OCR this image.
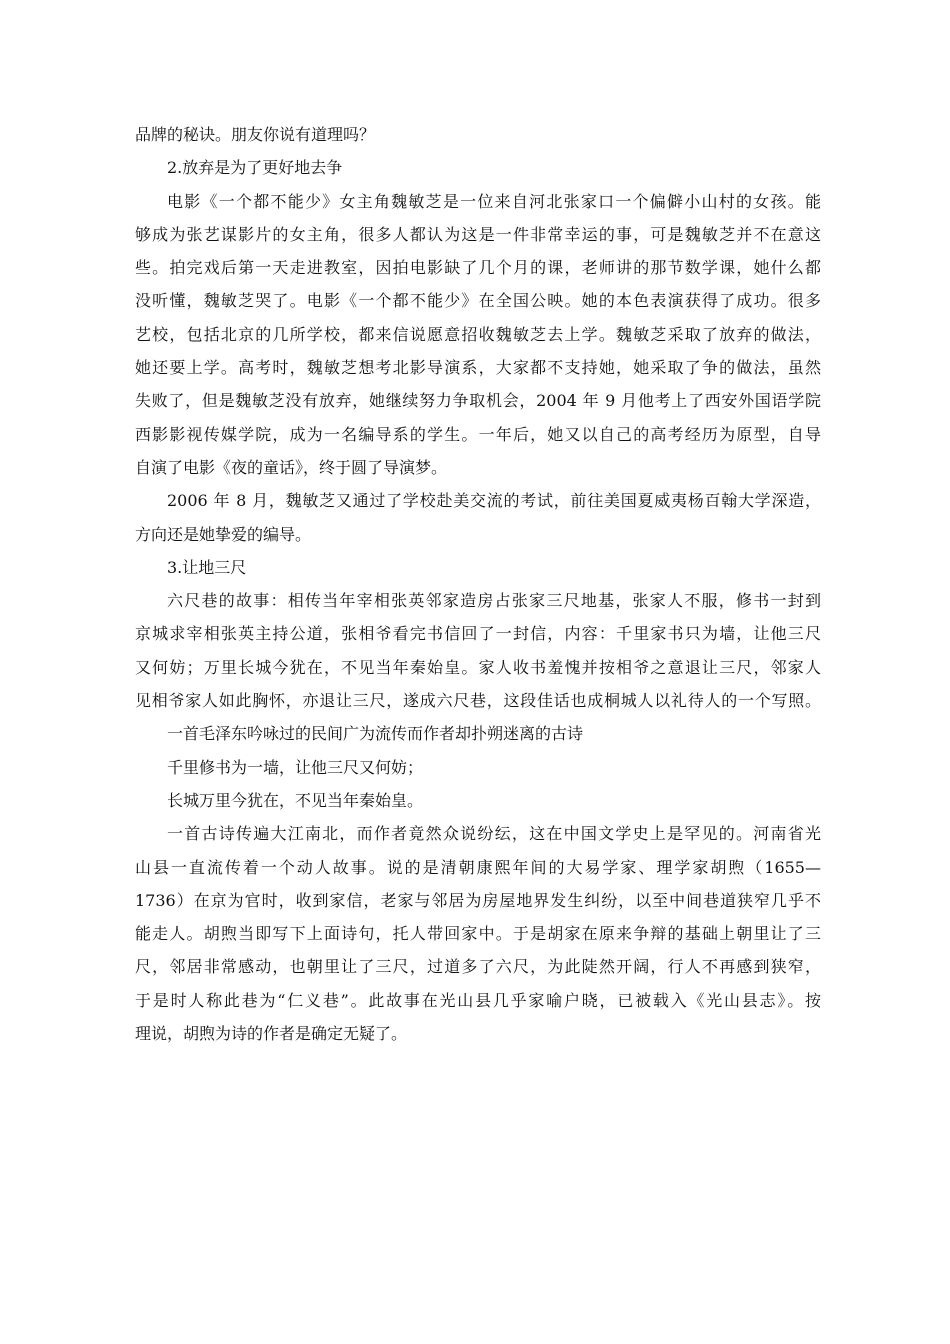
品牌的秘诀。朋友你说有道理吗？
2.放弃是为了更好地去争
电影《一个都不能少》女主角魏敏芝是一位来自河北张家口一个偏僻小山村的女孩。能
够成为张艺谋影片的女主角，很多人都认为这是一件非常幸运的事，可是魏敏芝并不在意这
些。拍完戏后第一天走进教室，因拍电影缺了几个月的课，老师讲的那节数学课，她什么都
没听懂，魏敏芝哭了。电影《一个都不能少》在全国公映。她的本色表演获得了成功。很多
艺校，包括北京的几所学校，都来信说愿意招收魏敏芝去上学。魏敏芝采取了放弃的做法，
她还要上学。高考时，魏敏芝想考北影导演系，大家都不支持她，她采取了争的做法，虽然
失败了，但是魏敏芝没有放弃，她继续努力争取机会，2004 年 9 月他考上了西安外国语学院
西影影视传媒学院，成为一名编导系的学生。一年后，她又以自己的高考经历为原型，自导
自演了电影《夜的童话》，终于圆了导演梦。
2006 年 8 月，魏敏芝又通过了学校赴美交流的考试，前往美国夏威夷杨百翰大学深造，
方向还是她挚爱的编导。
3.让地三尺
六尺巷的故事：相传当年宰相张英邻家造房占张家三尺地基，张家人不服，修书一封到
京城求宰相张英主持公道，张相爷看完书信回了一封信，内容：千里家书只为墙，让他三尺
又何妨；万里长城今犹在，不见当年秦始皇。家人收书羞愧并按相爷之意退让三尺，邻家人
见相爷家人如此胸怀，亦退让三尺，遂成六尺巷，这段佳话也成桐城人以礼待人的一个写照。
一首毛泽东吟咏过的民间广为流传而作者却扑朔迷离的古诗
千里修书为一墙，让他三尺又何妨；
长城万里今犹在，不见当年秦始皇。
一首古诗传遍大江南北，而作者竟然众说纷纭，这在中国文学史上是罕见的。河南省光
山县一直流传着一个动人故事。说的是清朝康熙年间的大易学家、理学家胡煦（1655—
1736）在京为官时，收到家信，老家与邻居为房屋地界发生纠纷，以至中间巷道狭窄几乎不
能走人。胡煦当即写下上面诗句，托人带回家中。于是胡家在原来争辩的基础上朝里让了三
尺，邻居非常感动，也朝里让了三尺，过道多了六尺，为此陡然开阔，行人不再感到狭窄，
于是时人称此巷为“仁义巷”。此故事在光山县几乎家喻户晓，已被载入《光山县志》。按
理说，胡煦为诗的作者是确定无疑了。
